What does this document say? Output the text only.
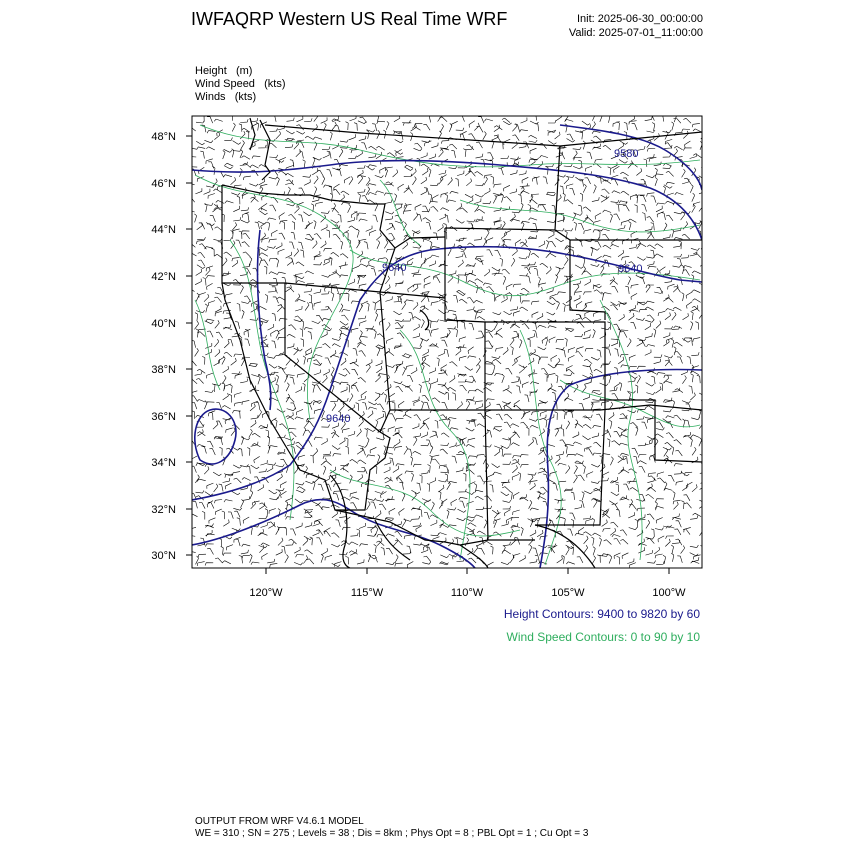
IWFAQRP Western US Real Time WRF	Init: 2025-06-30_00:00:00
Valid: 2025-07-01_11:00:00
Height (m)
Wind Speed (kts)
Winds (kts)
9580
9640	9640
9640
48°N
46°N
44°N
42°N
40°N
38°N
36°N
34°N
32°N
30°N
120°W	115°W	110°W	105°W	100°W
Height Contours: 9400 to 9820 by 60
Wind Speed Contours: 0 to 90 by 10
OUTPUT FROM WRF V4.6.1 MODEL
WE = 310 ; SN = 275 ; Levels = 38 ; Dis = 8km ; Phys Opt = 8 ; PBL Opt = 1 ; Cu Opt = 3
